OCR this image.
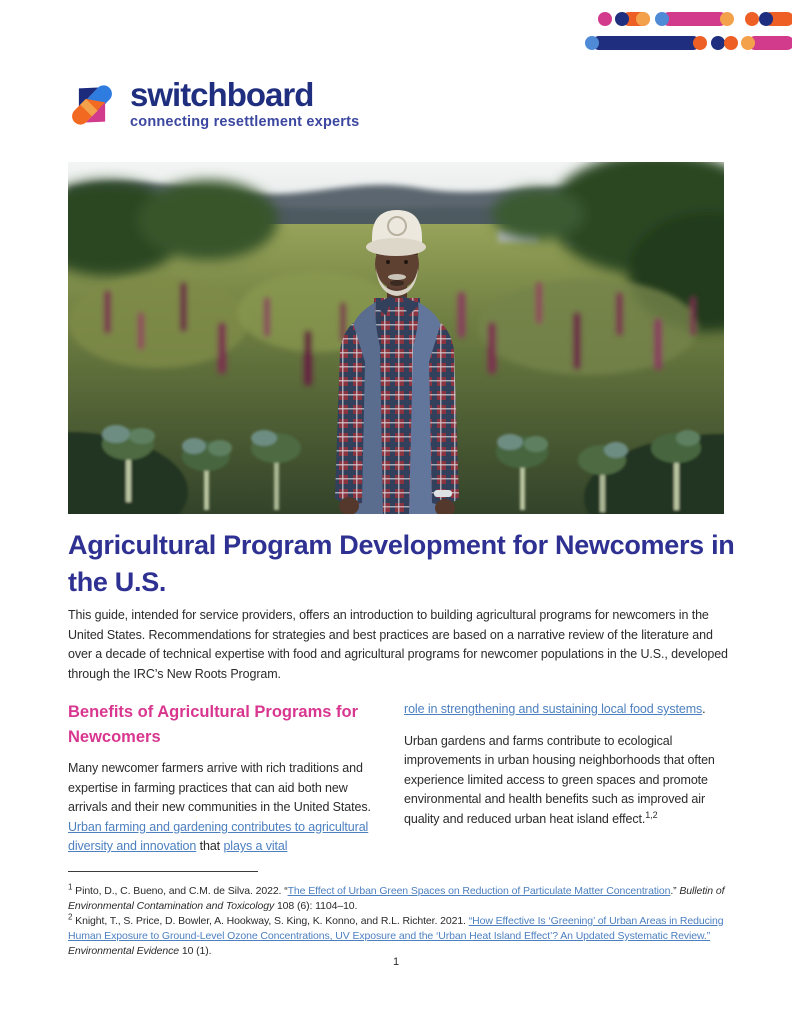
switchboard
connecting resettlement experts
Agricultural Program Development for Newcomers in
the U.S.

This guide, intended for service providers, offers an introduction to building agricultural programs for newcomers in the United States. Recommendations for strategies and best practices are based on a narrative review of the literature and over a decade of technical expertise with food and agricultural programs for newcomer populations in the U.S., developed through the IRC’s New Roots Program.

Benefits of Agricultural Programs for Newcomers

Many newcomer farmers arrive with rich traditions and expertise in farming practices that can aid both new arrivals and their new communities in the United States. Urban farming and gardening contributes to agricultural diversity and innovation that plays a vital

role in strengthening and sustaining local food systems.

Urban gardens and farms contribute to ecological improvements in urban housing neighborhoods that often experience limited access to green spaces and promote environmental and health benefits such as improved air quality and reduced urban heat island effect.$^{1,2}$

$^1$ Pinto, D., C. Bueno, and C.M. de Silva. 2022. “The Effect of Urban Green Spaces on Reduction of Particulate Matter Concentration.” Bulletin of Environmental Contamination and Toxicology 108 (6): 1104–10.
$^2$ Knight, T., S. Price, D. Bowler, A. Hookway, S. King, K. Konno, and R.L. Richter. 2021. “How Effective Is ‘Greening’ of Urban Areas in Reducing Human Exposure to Ground-Level Ozone Concentrations, UV Exposure and the ‘Urban Heat Island Effect’? An Updated Systematic Review.” Environmental Evidence 10 (1).
1
